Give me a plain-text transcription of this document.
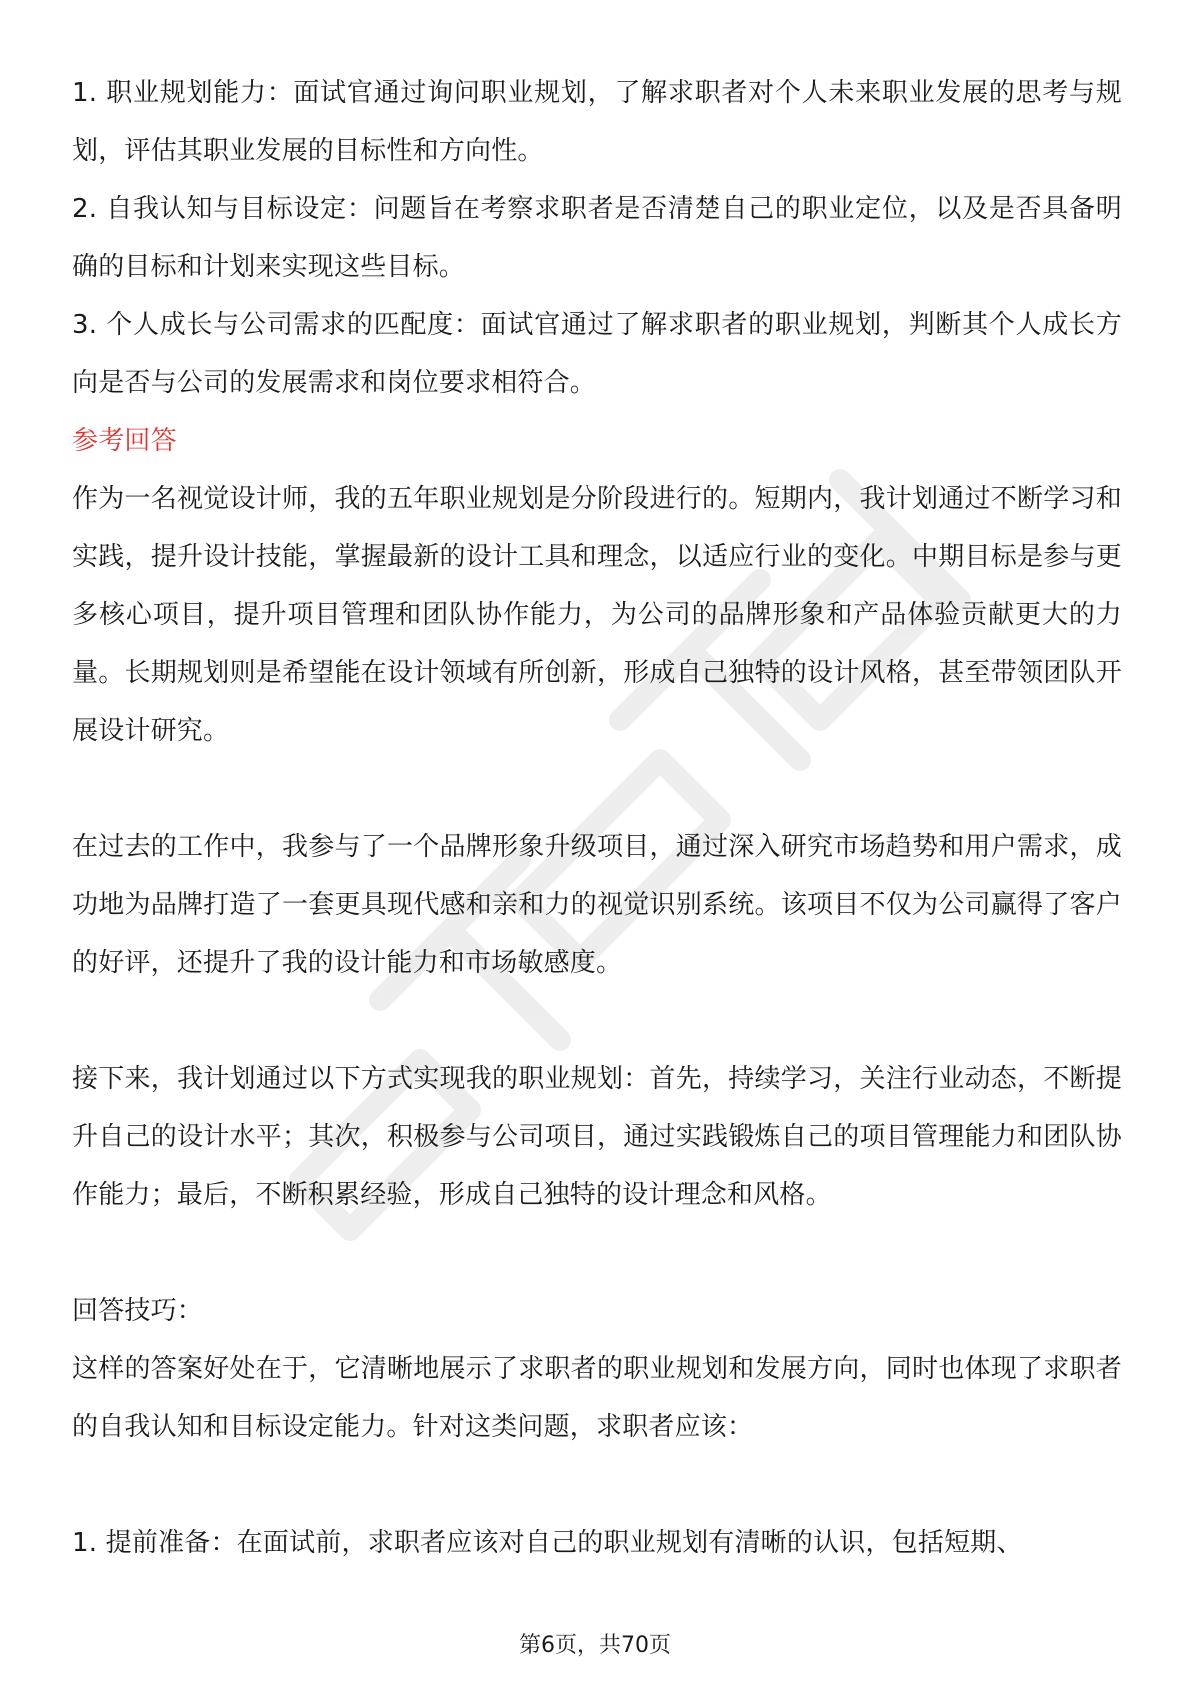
1. 职业规划能力：面试官通过询问职业规划，了解求职者对个人未来职业发展的思考与规划，评估其职业发展的目标性和方向性。

2. 自我认知与目标设定：问题旨在考察求职者是否清楚自己的职业定位，以及是否具备明确的目标和计划来实现这些目标。

3. 个人成长与公司需求的匹配度：面试官通过了解求职者的职业规划，判断其个人成长方向是否与公司的发展需求和岗位要求相符合。

参考回答

作为一名视觉设计师，我的五年职业规划是分阶段进行的。短期内，我计划通过不断学习和实践，提升设计技能，掌握最新的设计工具和理念，以适应行业的变化。中期目标是参与更多核心项目，提升项目管理和团队协作能力，为公司的品牌形象和产品体验贡献更大的力量。长期规划则是希望能在设计领域有所创新，形成自己独特的设计风格，甚至带领团队开展设计研究。

在过去的工作中，我参与了一个品牌形象升级项目，通过深入研究市场趋势和用户需求，成功地为品牌打造了一套更具现代感和亲和力的视觉识别系统。该项目不仅为公司赢得了客户的好评，还提升了我的设计能力和市场敏感度。

接下来，我计划通过以下方式实现我的职业规划：首先，持续学习，关注行业动态，不断提升自己的设计水平；其次，积极参与公司项目，通过实践锻炼自己的项目管理能力和团队协作能力；最后，不断积累经验，形成自己独特的设计理念和风格。

回答技巧：

这样的答案好处在于，它清晰地展示了求职者的职业规划和发展方向，同时也体现了求职者的自我认知和目标设定能力。针对这类问题，求职者应该：

1. 提前准备：在面试前，求职者应该对自己的职业规划有清晰的认识，包括短期、

第6页，共70页
